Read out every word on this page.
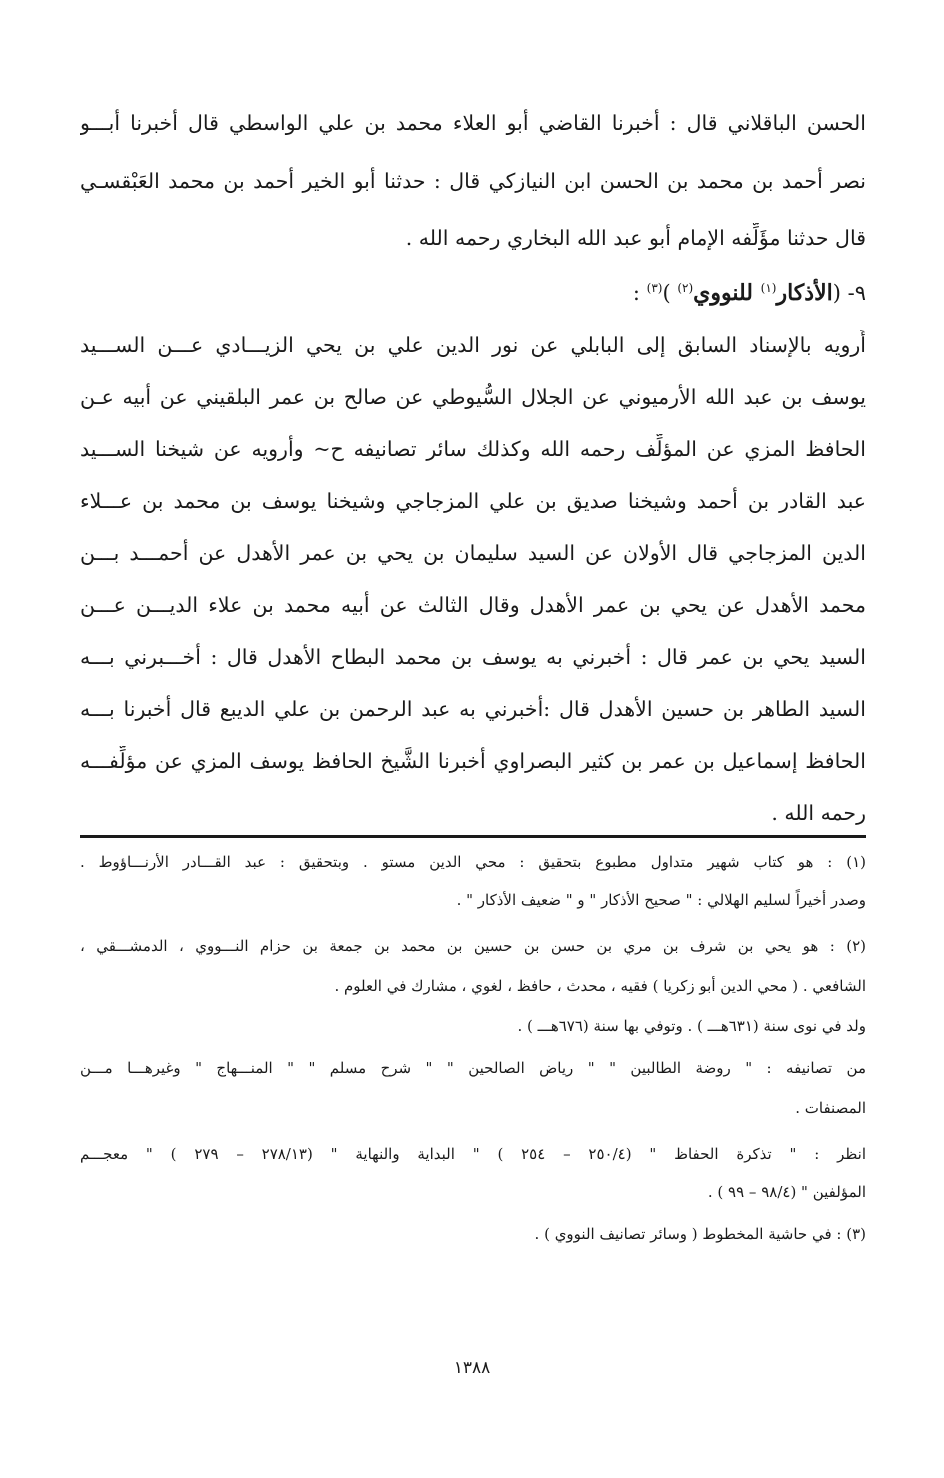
الحسن الباقلاني قال : أخبرنا القاضي أبو العلاء محمد بن علي الواسطي قال أخبرنا أبـــو
نصر أحمد بن محمد بن الحسن ابن النيازكي قال : حدثنا أبو الخير أحمد بن محمد العَبْقسـي
قال حدثنا مؤَلِّفه الإمام أبو عبد الله البخاري رحمه الله .
٩- (الأذكار$^{(١)}$ للنووي$^{(٢)}$ )$^{(٣)}$ :
أَرويه بالإسناد السابق إلى البابلي عن نور الدين علي بن يحي الزيـــادي عـــن الســـيد
يوسف بن عبد الله الأرميوني عن الجلال السُّيوطي عن صالح بن عمر البلقيني عن أبيه عـن
الحافظ المزي عن المؤلِّف رحمه الله وكذلك سائر تصانيفه ح~ وأرويه عن شيخنا الســـيد
عبد القادر بن أحمد وشيخنا صديق بن علي المزجاجي وشيخنا يوسف بن محمد بن عـــلاء
الدين المزجاجي قال الأولان عن السيد سليمان بن يحي بن عمر الأهدل عن أحمـــد بـــن
محمد الأهدل عن يحي بن عمر الأهدل وقال الثالث عن أبيه محمد بن علاء الديـــن عـــن
السيد يحي بن عمر قال : أخبرني به يوسف بن محمد البطاح الأهدل قال : أخـــبرني بـــه
السيد الطاهر بن حسين الأهدل قال :أخبرني به عبد الرحمن بن علي الديبع قال أخبرنا بـــه
الحافظ إسماعيل بن عمر بن كثير البصراوي أخبرنا الشَّيخ الحافظ يوسف المزي عن مؤلِّفـــه
رحمه الله .
(١) : هو كتاب شهير متداول مطبوع بتحقيق : محي الدين مستو . وبتحقيق : عبد القـــادر الأرنـــاؤوط .
وصدر أخيراً لسليم الهلالي : " صحيح الأذكار " و " ضعيف الأذكار " .
(٢) : هو يحي بن شرف بن مري بن حسن بن حسين بن محمد بن جمعة بن حزام النـــووي ، الدمشـــقي ،
الشافعي . ( محي الدين أبو زكريا ) فقيه ، محدث ، حافظ ، لغوي ، مشارك في العلوم .
ولد في نوى سنة (٦٣١هـــ ) . وتوفي بها سنة (٦٧٦هـــ ) .
من تصانيفه : " روضة الطالبين " " رياض الصالحين " " شرح مسلم " " المنـــهاج " وغيرهـــا مـــن
المصنفات .
انظر : " تذكرة الحفاظ " (٢٥٠/٤ – ٢٥٤ ) " البداية والنهاية " (٢٧٨/١٣ – ٢٧٩ ) " معجـــم
المؤلفين " (٩٨/٤ – ٩٩ ) .
(٣) : في حاشية المخطوط ( وسائر تصانيف النووي ) .
١٣٨٨
